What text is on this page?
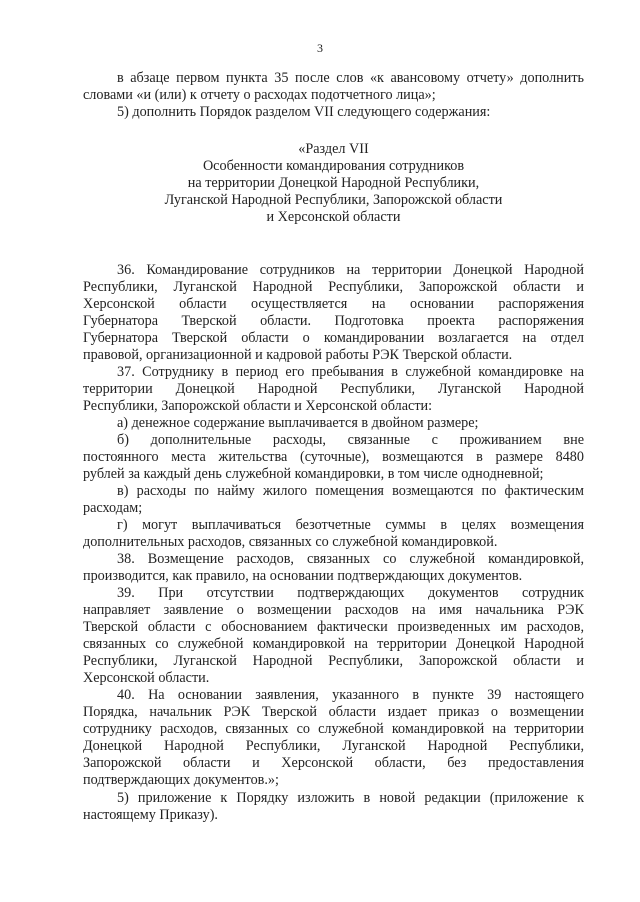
3
в абзаце первом пункта 35 после слов «к авансовому отчету» дополнить
словами «и (или) к отчету о расходах подотчетного лица»;
5) дополнить Порядок разделом VII следующего содержания:
«Раздел VII
Особенности командирования сотрудников
на территории Донецкой Народной Республики,
Луганской Народной Республики, Запорожской области
и Херсонской области
36. Командирование сотрудников на территории Донецкой Народной
Республики, Луганской Народной Республики, Запорожской области и
Херсонской области осуществляется на основании распоряжения
Губернатора Тверской области. Подготовка проекта распоряжения
Губернатора Тверской области о командировании возлагается на отдел
правовой, организационной и кадровой работы РЭК Тверской области.
37. Сотруднику в период его пребывания в служебной командировке на
территории Донецкой Народной Республики, Луганской Народной
Республики, Запорожской области и Херсонской области:
а) денежное содержание выплачивается в двойном размере;
б) дополнительные расходы, связанные с проживанием вне
постоянного места жительства (суточные), возмещаются в размере 8480
рублей за каждый день служебной командировки, в том числе однодневной;
в) расходы по найму жилого помещения возмещаются по фактическим
расходам;
г) могут выплачиваться безотчетные суммы в целях возмещения
дополнительных расходов, связанных со служебной командировкой.
38. Возмещение расходов, связанных со служебной командировкой,
производится, как правило, на основании подтверждающих документов.
39. При отсутствии подтверждающих документов сотрудник
направляет заявление о возмещении расходов на имя начальника РЭК
Тверской области с обоснованием фактически произведенных им расходов,
связанных со служебной командировкой на территории Донецкой Народной
Республики, Луганской Народной Республики, Запорожской области и
Херсонской области.
40. На основании заявления, указанного в пункте 39 настоящего
Порядка, начальник РЭК Тверской области издает приказ о возмещении
сотруднику расходов, связанных со служебной командировкой на территории
Донецкой Народной Республики, Луганской Народной Республики,
Запорожской области и Херсонской области, без предоставления
подтверждающих документов.»;
5) приложение к Порядку изложить в новой редакции (приложение к
настоящему Приказу).
